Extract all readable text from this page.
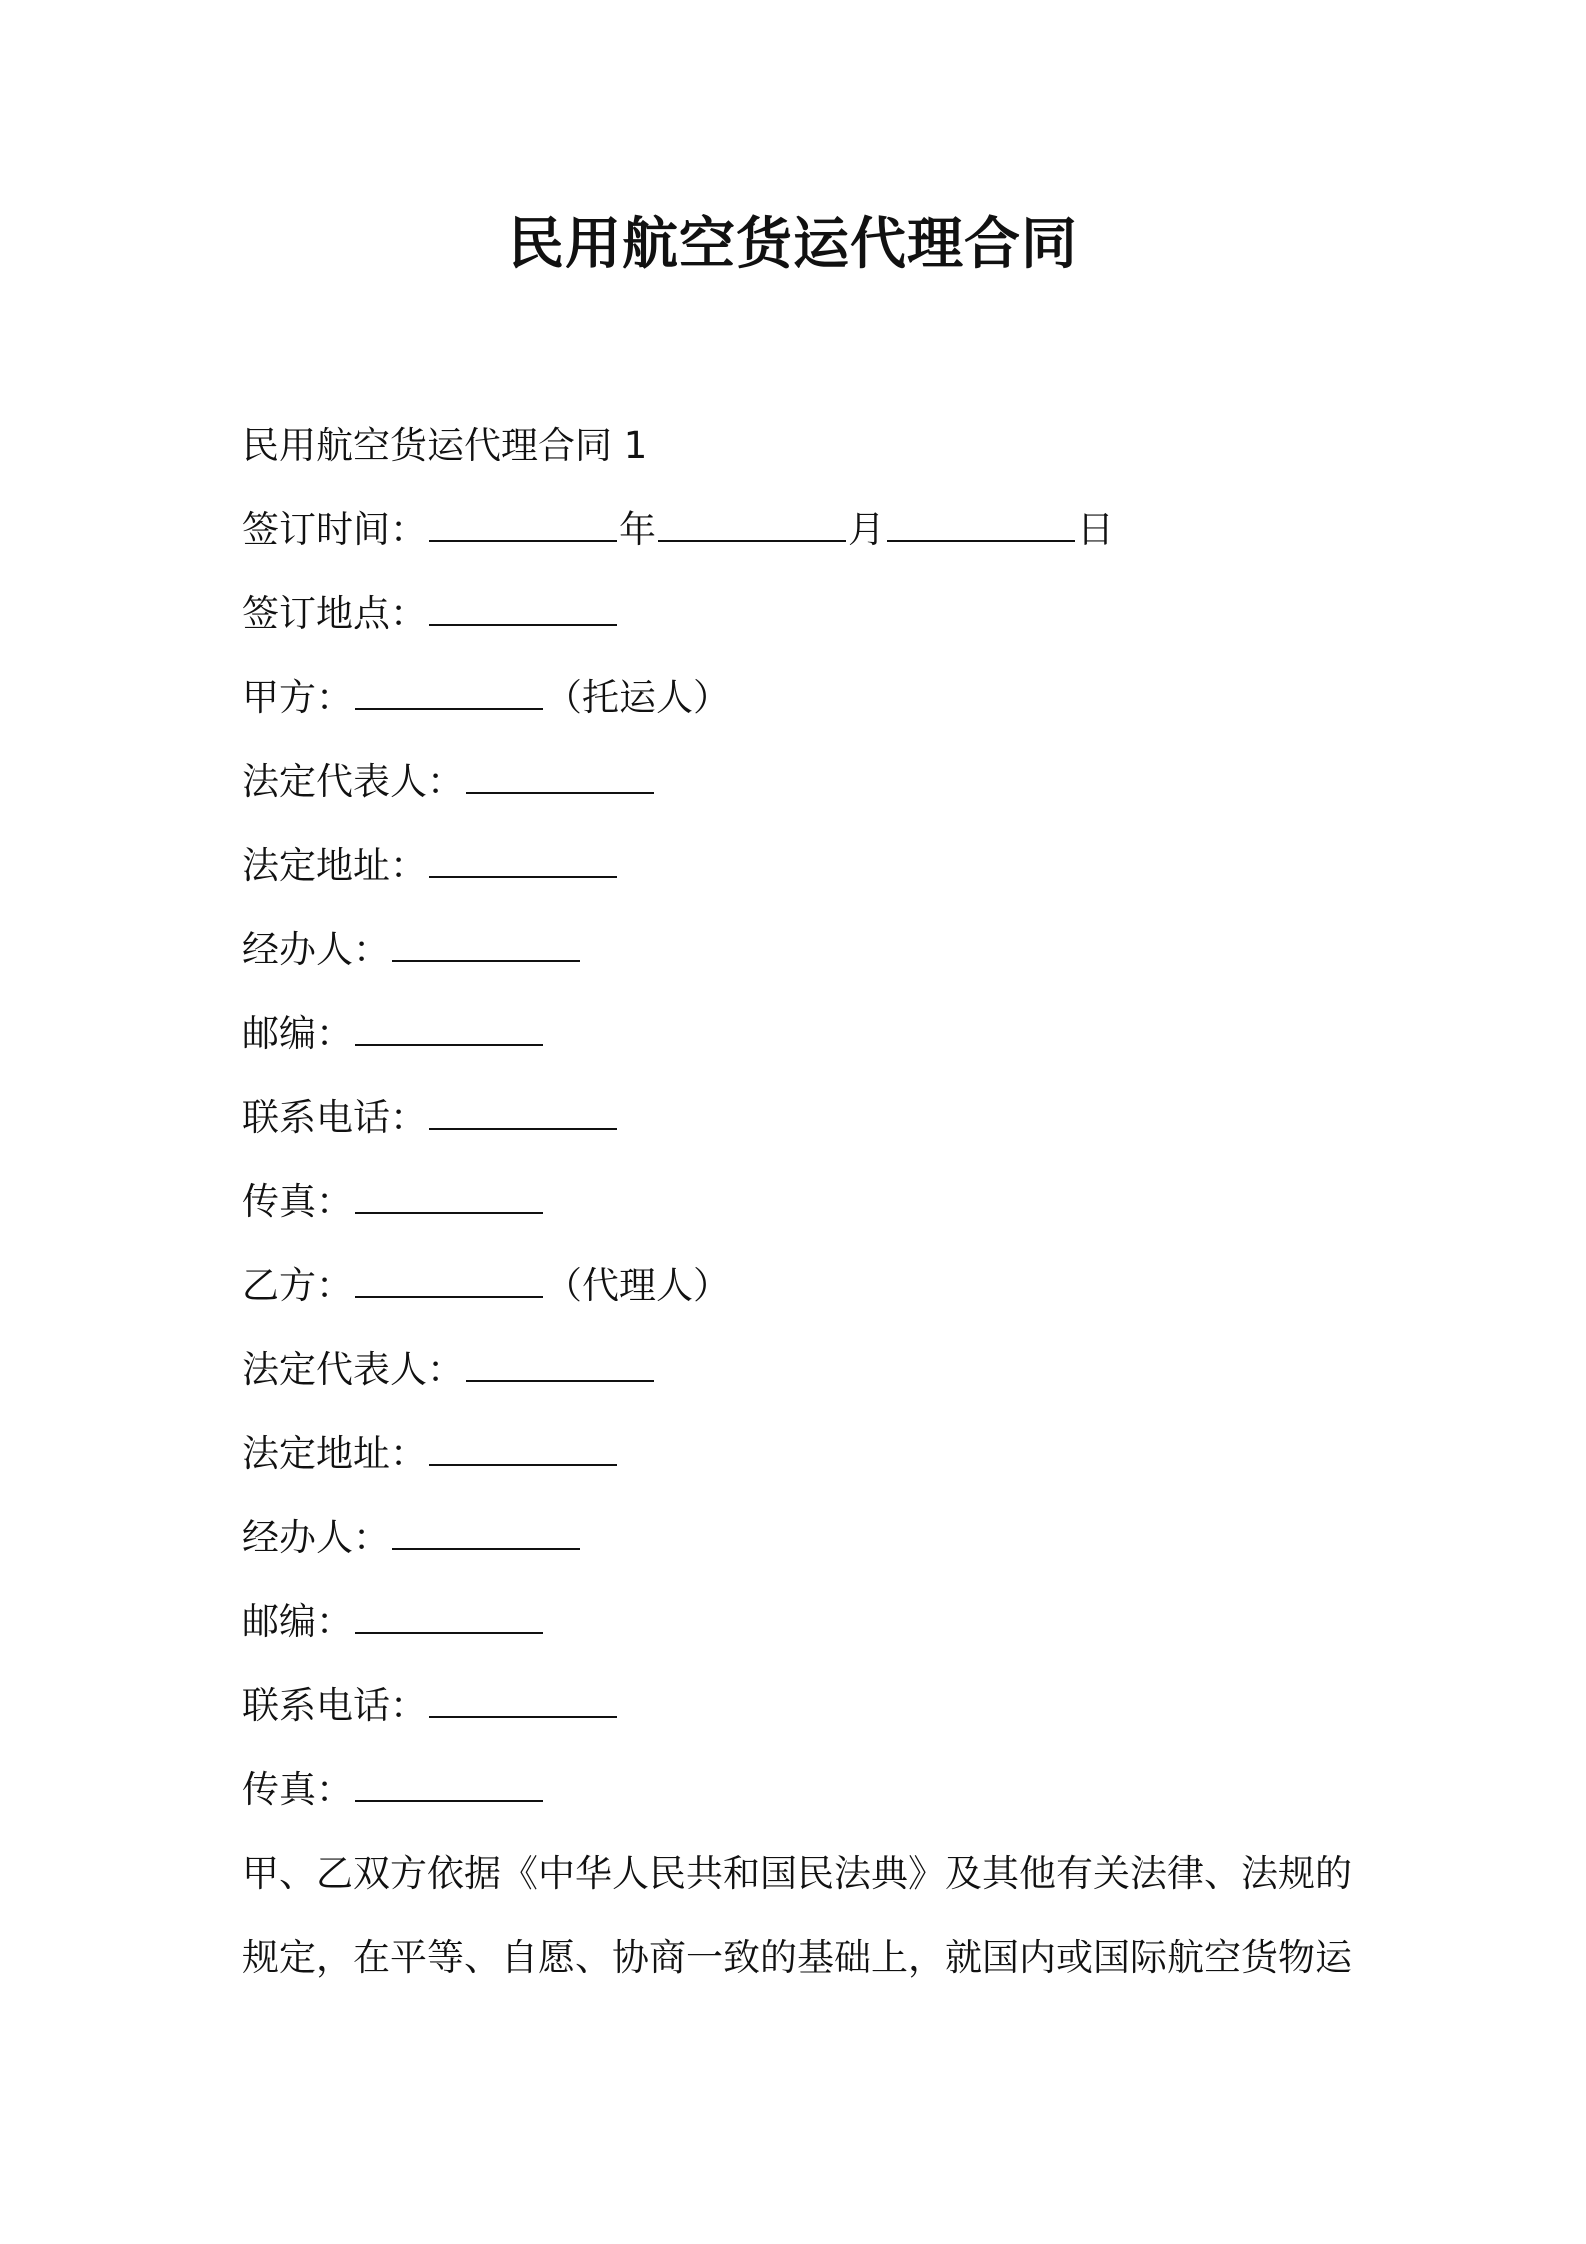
民用航空货运代理合同
民用航空货运代理合同 1
签订时间：	年	月	日
签订地点：
甲方：	（托运人）
法定代表人：
法定地址：
经办人：
邮编：
联系电话：
传真：
乙方：	（代理人）
法定代表人：
法定地址：
经办人：
邮编：
联系电话：
传真：
甲、乙双方依据《中华人民共和国民法典》及其他有关法律、法规的
规定，在平等、自愿、协商一致的基础上，就国内或国际航空货物运
